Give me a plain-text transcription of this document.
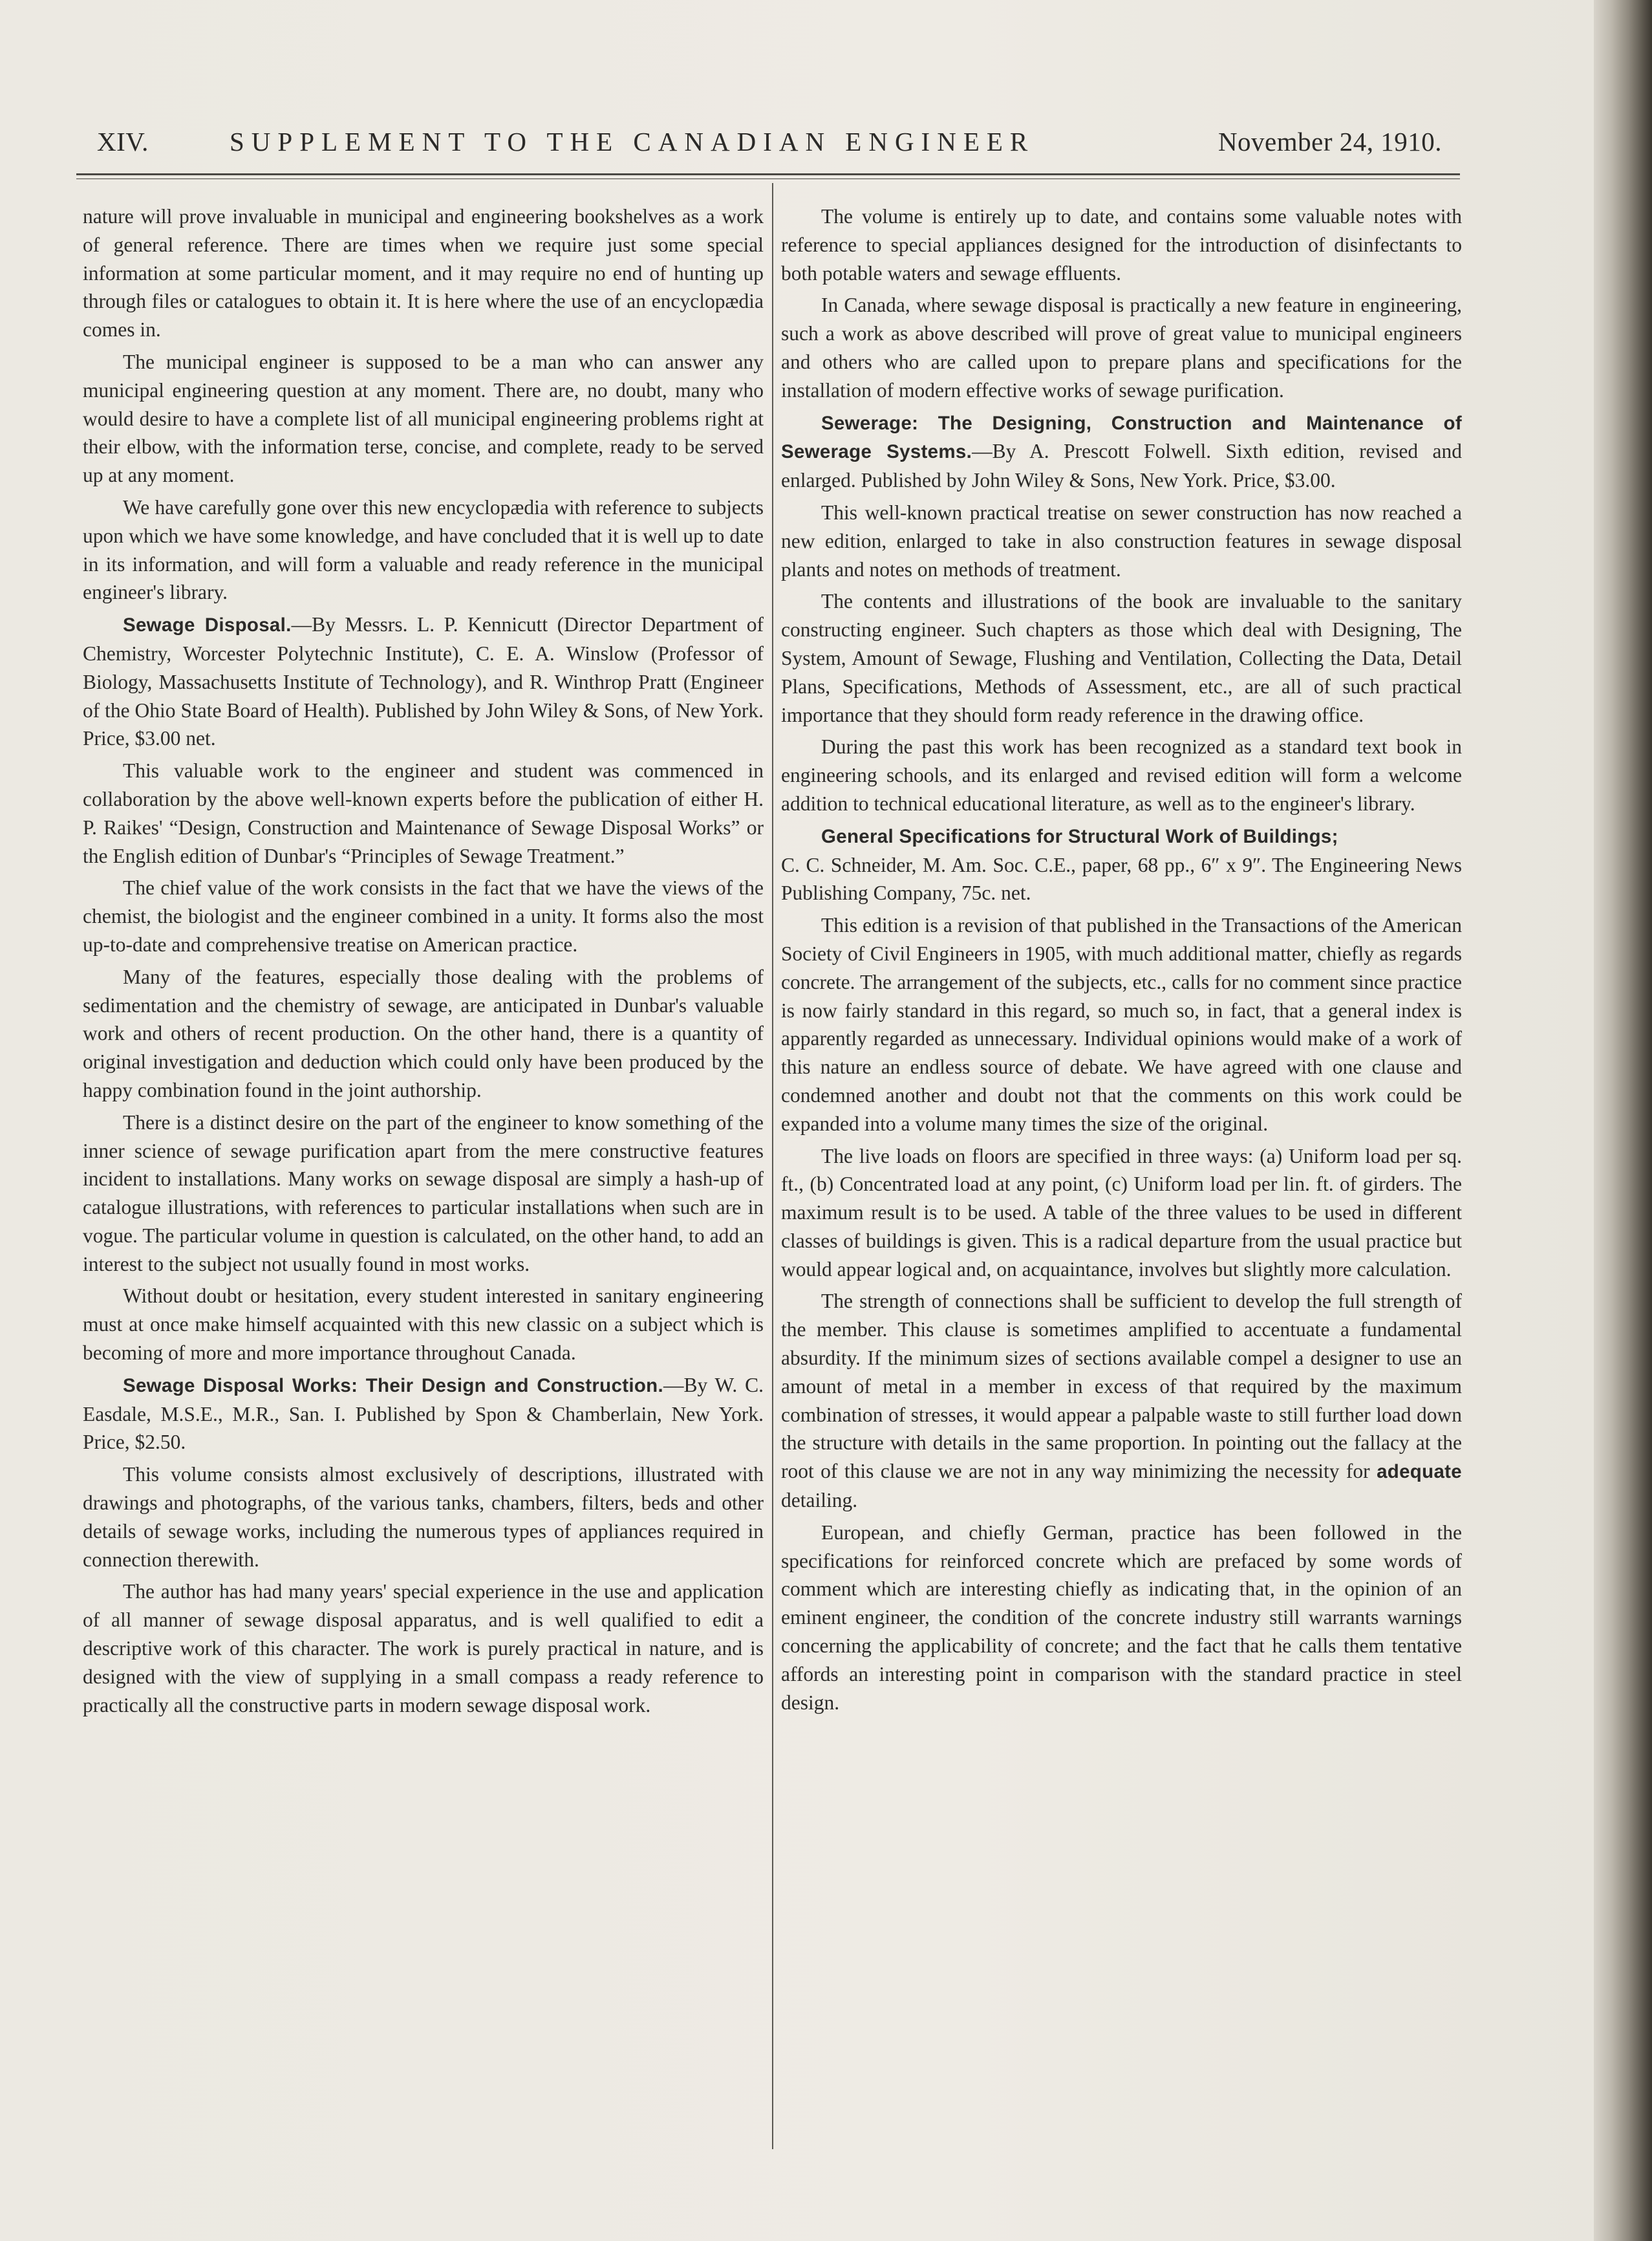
XIV.	SUPPLEMENT TO THE CANADIAN ENGINEER	November 24, 1910.

nature will prove invaluable in municipal and engineering bookshelves as a work of general reference. There are times when we require just some special information at some particular moment, and it may require no end of hunting up through files or catalogues to obtain it. It is here where the use of an encyclopædia comes in.

The municipal engineer is supposed to be a man who can answer any municipal engineering question at any moment. There are, no doubt, many who would desire to have a complete list of all municipal engineering problems right at their elbow, with the information terse, concise, and complete, ready to be served up at any moment.

We have carefully gone over this new encyclopædia with reference to subjects upon which we have some knowledge, and have concluded that it is well up to date in its information, and will form a valuable and ready reference in the municipal engineer's library.

Sewage Disposal.—By Messrs. L. P. Kennicutt (Director Department of Chemistry, Worcester Polytechnic Institute), C. E. A. Winslow (Professor of Biology, Massachusetts Institute of Technology), and R. Winthrop Pratt (Engineer of the Ohio State Board of Health). Published by John Wiley & Sons, of New York. Price, $3.00 net.

This valuable work to the engineer and student was commenced in collaboration by the above well-known experts before the publication of either H. P. Raikes' “Design, Construction and Maintenance of Sewage Disposal Works” or the English edition of Dunbar's “Principles of Sewage Treatment.”

The chief value of the work consists in the fact that we have the views of the chemist, the biologist and the engineer combined in a unity. It forms also the most up-to-date and comprehensive treatise on American practice.

Many of the features, especially those dealing with the problems of sedimentation and the chemistry of sewage, are anticipated in Dunbar's valuable work and others of recent production. On the other hand, there is a quantity of original investigation and deduction which could only have been produced by the happy combination found in the joint authorship.

There is a distinct desire on the part of the engineer to know something of the inner science of sewage purification apart from the mere constructive features incident to installations. Many works on sewage disposal are simply a hash-up of catalogue illustrations, with references to particular installations when such are in vogue. The particular volume in question is calculated, on the other hand, to add an interest to the subject not usually found in most works.

Without doubt or hesitation, every student interested in sanitary engineering must at once make himself acquainted with this new classic on a subject which is becoming of more and more importance throughout Canada.

Sewage Disposal Works: Their Design and Construction.—By W. C. Easdale, M.S.E., M.R., San. I. Published by Spon & Chamberlain, New York. Price, $2.50.

This volume consists almost exclusively of descriptions, illustrated with drawings and photographs, of the various tanks, chambers, filters, beds and other details of sewage works, including the numerous types of appliances required in connection therewith.

The author has had many years' special experience in the use and application of all manner of sewage disposal apparatus, and is well qualified to edit a descriptive work of this character. The work is purely practical in nature, and is designed with the view of supplying in a small compass a ready reference to practically all the constructive parts in modern sewage disposal work.

The volume is entirely up to date, and contains some valuable notes with reference to special appliances designed for the introduction of disinfectants to both potable waters and sewage effluents.

In Canada, where sewage disposal is practically a new feature in engineering, such a work as above described will prove of great value to municipal engineers and others who are called upon to prepare plans and specifications for the installation of modern effective works of sewage purification.

Sewerage: The Designing, Construction and Maintenance of Sewerage Systems.—By A. Prescott Folwell. Sixth edition, revised and enlarged. Published by John Wiley & Sons, New York. Price, $3.00.

This well-known practical treatise on sewer construction has now reached a new edition, enlarged to take in also construction features in sewage disposal plants and notes on methods of treatment.

The contents and illustrations of the book are invaluable to the sanitary constructing engineer. Such chapters as those which deal with Designing, The System, Amount of Sewage, Flushing and Ventilation, Collecting the Data, Detail Plans, Specifications, Methods of Assessment, etc., are all of such practical importance that they should form ready reference in the drawing office.

During the past this work has been recognized as a standard text book in engineering schools, and its enlarged and revised edition will form a welcome addition to technical educational literature, as well as to the engineer's library.

General Specifications for Structural Work of Buildings;
C. C. Schneider, M. Am. Soc. C.E., paper, 68 pp., 6″ x 9″. The Engineering News Publishing Company, 75c. net.

This edition is a revision of that published in the Transactions of the American Society of Civil Engineers in 1905, with much additional matter, chiefly as regards concrete. The arrangement of the subjects, etc., calls for no comment since practice is now fairly standard in this regard, so much so, in fact, that a general index is apparently regarded as unnecessary. Individual opinions would make of a work of this nature an endless source of debate. We have agreed with one clause and condemned another and doubt not that the comments on this work could be expanded into a volume many times the size of the original.

The live loads on floors are specified in three ways: (a) Uniform load per sq. ft., (b) Concentrated load at any point, (c) Uniform load per lin. ft. of girders. The maximum result is to be used. A table of the three values to be used in different classes of buildings is given. This is a radical departure from the usual practice but would appear logical and, on acquaintance, involves but slightly more calculation.

The strength of connections shall be sufficient to develop the full strength of the member. This clause is sometimes amplified to accentuate a fundamental absurdity. If the minimum sizes of sections available compel a designer to use an amount of metal in a member in excess of that required by the maximum combination of stresses, it would appear a palpable waste to still further load down the structure with details in the same proportion. In pointing out the fallacy at the root of this clause we are not in any way minimizing the necessity for adequate detailing.

European, and chiefly German, practice has been followed in the specifications for reinforced concrete which are prefaced by some words of comment which are interesting chiefly as indicating that, in the opinion of an eminent engineer, the condition of the concrete industry still warrants warnings concerning the applicability of concrete; and the fact that he calls them tentative affords an interesting point in comparison with the standard practice in steel design.
